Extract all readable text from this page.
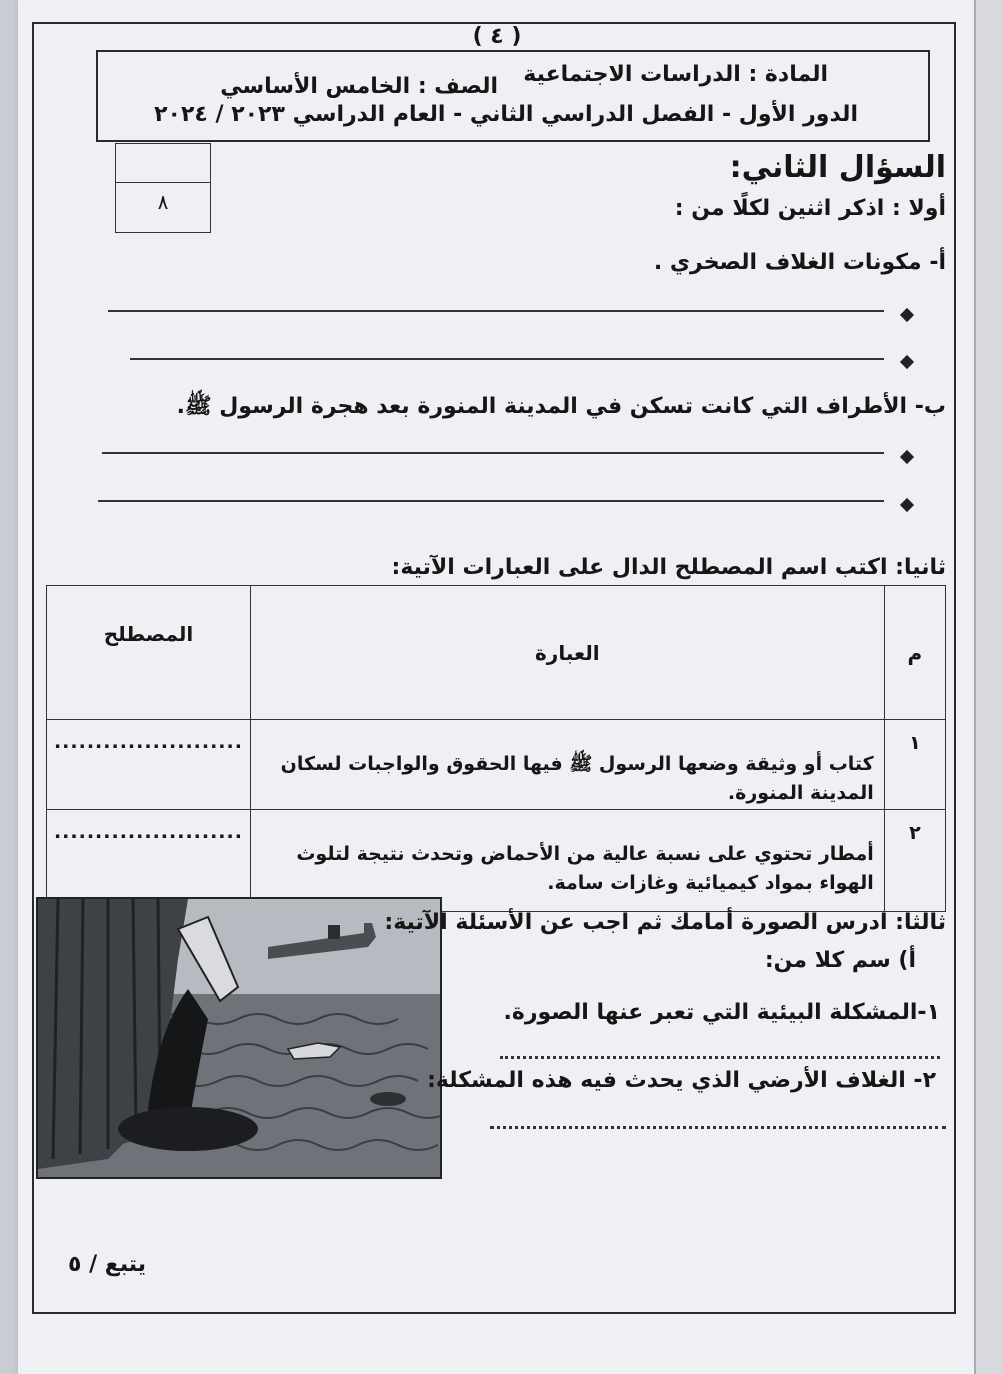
( ٤ )
المادة : الدراسات الاجتماعية
الصف : الخامس الأساسي
الدور الأول - الفصل الدراسي الثاني - العام الدراسي ٢٠٢٣ / ٢٠٢٤
٨
السؤال الثاني:
أولا : اذكر اثنين لكلًا من :
أ- مكونات الغلاف الصخري .
ب- الأطراف التي كانت تسكن في المدينة المنورة بعد هجرة الرسول ﷺ.
ثانيا: اكتب اسم المصطلح الدال على العبارات الآتية:
م	العبارة	المصطلح
١	كتاب أو وثيقة وضعها الرسول ﷺ فيها الحقوق والواجبات لسكان المدينة المنورة.	.......................

٢	أمطار تحتوي على نسبة عالية من الأحماض وتحدث نتيجة لتلوث الهواء بمواد كيميائية وغازات سامة.	.......................
ثالثا: ادرس الصورة أمامك ثم اجب عن الأسئلة الآتية:
أ) سم كلا من:
١-المشكلة البيئية التي تعبر عنها الصورة.
٢- الغلاف الأرضي الذي يحدث فيه هذه المشكلة:
يتبع / ٥
